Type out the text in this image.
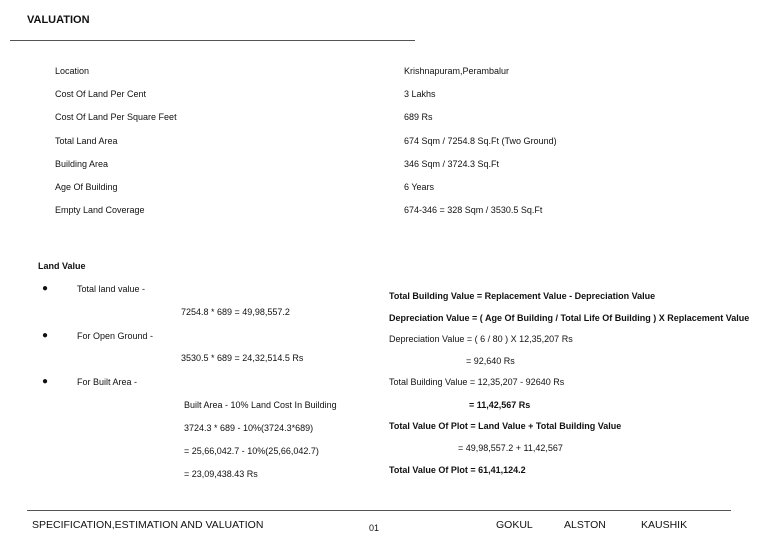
VALUATION
Location	Krishnapuram,Perambalur
Cost Of Land Per Cent	3 Lakhs
Cost Of Land Per Square Feet	689 Rs
Total Land Area	674 Sqm / 7254.8 Sq.Ft (Two Ground)
Building Area	346 Sqm / 3724.3 Sq.Ft
Age Of Building	6 Years
Empty Land Coverage	674-346 = 328 Sqm / 3530.5 Sq.Ft
Land Value
●	Total land value -
7254.8 * 689 = 49,98,557.2
●	For Open Ground -
3530.5 * 689 = 24,32,514.5 Rs
●	For Built Area -
Built Area - 10% Land Cost In Building
3724.3 * 689 - 10%(3724.3*689)
= 25,66,042.7 - 10%(25,66,042.7)
= 23,09,438.43 Rs
Total Building Value = Replacement Value - Depreciation Value
Depreciation Value = ( Age Of Building / Total Life Of Building ) X Replacement Value
Depreciation Value = ( 6 / 80 ) X 12,35,207 Rs
= 92,640 Rs
Total Building Value = 12,35,207 - 92640 Rs
= 11,42,567 Rs
Total Value Of Plot = Land Value + Total Building Value
= 49,98,557.2 + 11,42,567
Total Value Of Plot = 61,41,124.2
SPECIFICATION,ESTIMATION AND VALUATION	01	GOKUL	ALSTON	KAUSHIK
